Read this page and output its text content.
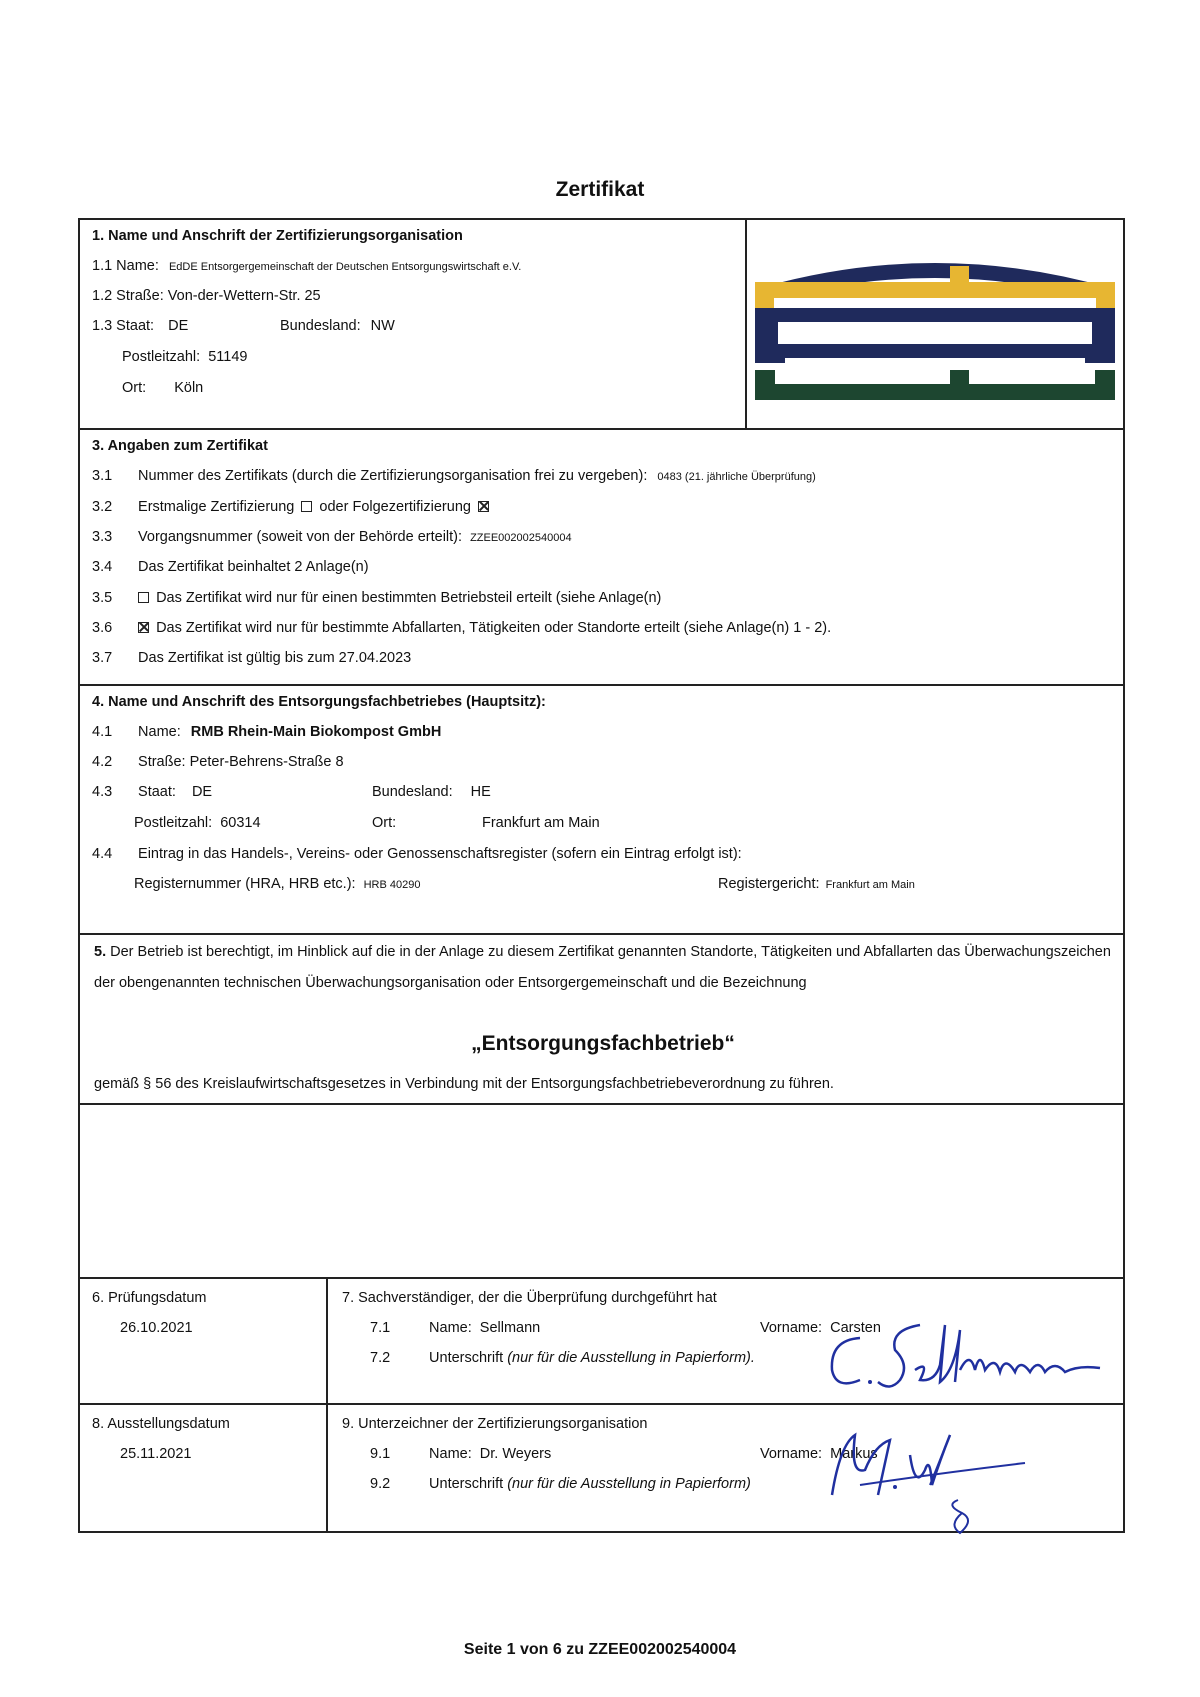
Zertifikat
1. Name und Anschrift der Zertifizierungsorganisation
1.1 Name: EdDE Entsorgergemeinschaft der Deutschen Entsorgungswirtschaft e.V.
1.2 Straße: Von-der-Wettern-Str. 25
1.3 Staat: DE	Bundesland: NW
Postleitzahl: 51149
Ort: Köln
3. Angaben zum Zertifikat
3.1 Nummer des Zertifikats (durch die Zertifizierungsorganisation frei zu vergeben): 0483 (21. jährliche Überprüfung)
3.2 Erstmalige Zertifizierung oder Folgezertifizierung
3.3 Vorgangsnummer (soweit von der Behörde erteilt): ZZEE002002540004
3.4 Das Zertifikat beinhaltet 2 Anlage(n)
3.5	Das Zertifikat wird nur für einen bestimmten Betriebsteil erteilt (siehe Anlage(n)
3.6	Das Zertifikat wird nur für bestimmte Abfallarten, Tätigkeiten oder Standorte erteilt (siehe Anlage(n) 1 - 2).
3.7 Das Zertifikat ist gültig bis zum 27.04.2023
4. Name und Anschrift des Entsorgungsfachbetriebes (Hauptsitz):
4.1 Name: RMB Rhein-Main Biokompost GmbH
4.2 Straße: Peter-Behrens-Straße 8
4.3 Staat: DE	Bundesland: HE
Postleitzahl: 60314	Ort:	Frankfurt am Main
4.4 Eintrag in das Handels-, Vereins- oder Genossenschaftsregister (sofern ein Eintrag erfolgt ist):
Registernummer (HRA, HRB etc.): HRB 40290	Registergericht: Frankfurt am Main
5. Der Betrieb ist berechtigt, im Hinblick auf die in der Anlage zu diesem Zertifikat genannten Standorte, Tätigkeiten und Abfallarten das Überwachungszeichen der obengenannten technischen Überwachungsorganisation oder Entsorgergemeinschaft und die Bezeichnung
„Entsorgungsfachbetrieb“
gemäß § 56 des Kreislaufwirtschaftsgesetzes in Verbindung mit der Entsorgungsfachbetriebeverordnung zu führen.
6. Prüfungsdatum
26.10.2021
7. Sachverständiger, der die Überprüfung durchgeführt hat
7.1	Name: Sellmann	Vorname: Carsten
7.2	Unterschrift (nur für die Ausstellung in Papierform).
8. Ausstellungsdatum
25.11.2021
9. Unterzeichner der Zertifizierungsorganisation
9.1	Name: Dr. Weyers	Vorname: Markus
9.2	Unterschrift (nur für die Ausstellung in Papierform)
Seite 1 von 6 zu ZZEE002002540004
